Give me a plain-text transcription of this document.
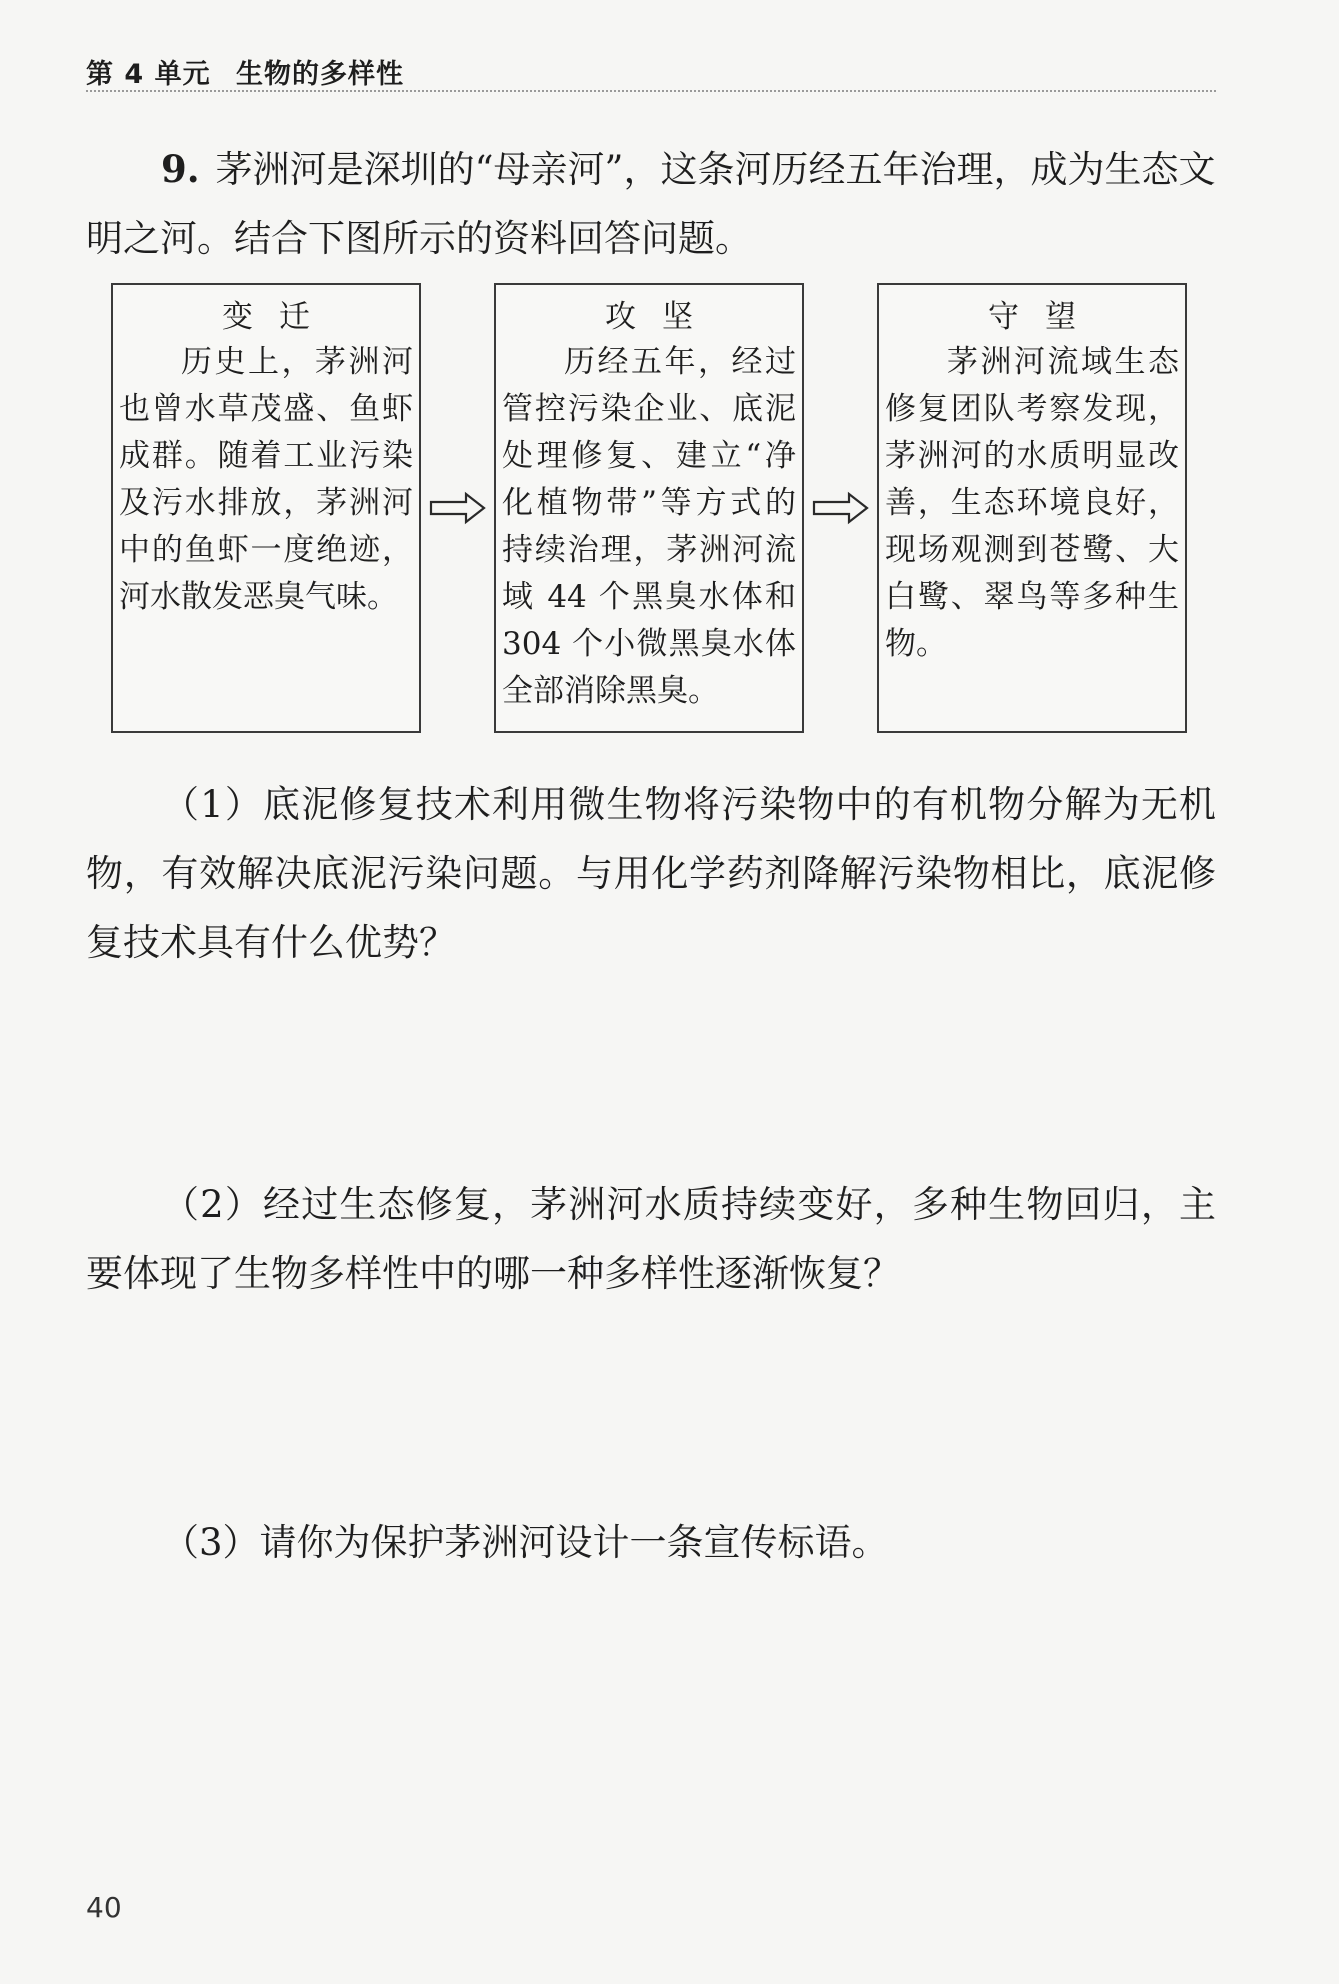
第 4 单元 生物的多样性
9. 茅洲河是深圳的“母亲河”，这条河历经五年治理，成为生态文明之河。结合下图所示的资料回答问题。
变迁
历史上，茅洲河也曾水草茂盛、鱼虾成群。随着工业污染及污水排放，茅洲河中的鱼虾一度绝迹，河水散发恶臭气味。
攻坚
历经五年，经过管控污染企业、底泥处理修复、建立“净化植物带”等方式的持续治理，茅洲河流域 44 个黑臭水体和 304 个小微黑臭水体全部消除黑臭。
守望
茅洲河流域生态修复团队考察发现，茅洲河的水质明显改善，生态环境良好，现场观测到苍鹭、大白鹭、翠鸟等多种生物。
（1）底泥修复技术利用微生物将污染物中的有机物分解为无机物，有效解决底泥污染问题。与用化学药剂降解污染物相比，底泥修复技术具有什么优势？
（2）经过生态修复，茅洲河水质持续变好，多种生物回归，主要体现了生物多样性中的哪一种多样性逐渐恢复？
（3）请你为保护茅洲河设计一条宣传标语。
40
